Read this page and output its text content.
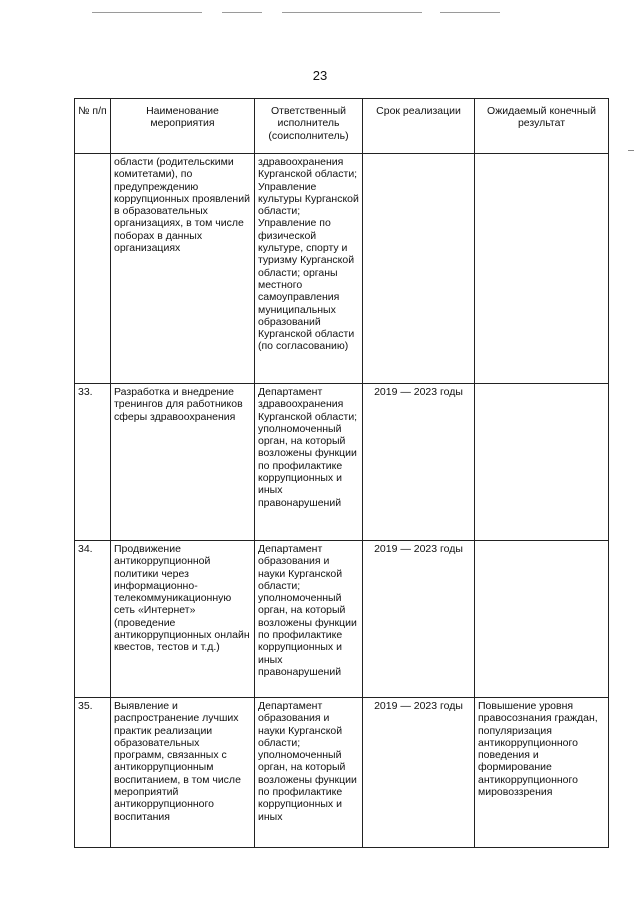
23
№ п/п	Наименование мероприятия	Ответственный исполнитель (соисполнитель)	Срок реализации	Ожидаемый конечный результат
	области (родительскими комитетами), по предупреждению коррупционных проявлений в образовательных организациях, в том числе поборах в данных организациях	здравоохранения Курганской области; Управление культуры Курганской области; Управление по физической культуре, спорту и туризму Курганской области; органы местного самоуправления муниципальных образований Курганской области (по согласованию)		
33.	Разработка и внедрение тренингов для работников сферы здравоохранения	Департамент здравоохранения Курганской области; уполномоченный орган, на который возложены функции по профилактике коррупционных и иных правонарушений	2019 — 2023 годы	
34.	Продвижение антикоррупционной политики через информационно-телекоммуникационную сеть «Интернет» (проведение антикоррупционных онлайн квестов, тестов и т.д.)	Департамент образования и науки Курганской области; уполномоченный орган, на который возложены функции по профилактике коррупционных и иных правонарушений	2019 — 2023 годы	
35.	Выявление и распространение лучших практик реализации образовательных программ, связанных с антикоррупционным воспитанием, в том числе мероприятий антикоррупционного воспитания	Департамент образования и науки Курганской области; уполномоченный орган, на который возложены функции по профилактике коррупционных и иных	2019 — 2023 годы	Повышение уровня правосознания граждан, популяризация антикоррупционного поведения и формирование антикоррупционного мировоззрения
